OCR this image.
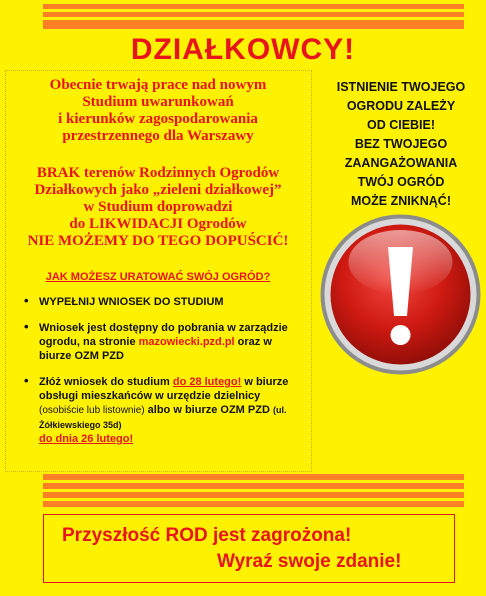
DZIAŁKOWCY!
Obecnie trwają prace nad nowym
Studium uwarunkowań
i kierunków zagospodarowania
przestrzennego dla Warszawy
BRAK terenów Rodzinnych Ogrodów
Działkowych jako „zieleni działkowej”
w Studium doprowadzi
do LIKWIDACJI Ogrodów
NIE MOŻEMY DO TEGO DOPUŚCIĆ!
JAK MOŻESZ URATOWAĆ SWÓJ OGRÓD?
• WYPEŁNIJ WNIOSEK DO STUDIUM
• Wniosek jest dostępny do pobrania w zarządzie ogrodu, na stronie mazowiecki.pzd.pl oraz w biurze OZM PZD
• Złóż wniosek do studium do 28 lutego! w biurze obsługi mieszkańców w urzędzie dzielnicy (osobiście lub listownie) albo w biurze OZM PZD (ul. Żółkiewskiego 35d)
do dnia 26 lutego!
ISTNIENIE TWOJEGO
OGRODU ZALEŻY
OD CIEBIE!
BEZ TWOJEGO
ZAANGAŻOWANIA
TWÓJ OGRÓD
MOŻE ZNIKNĄĆ!
Przyszłość ROD jest zagrożona!
Wyraź swoje zdanie!
